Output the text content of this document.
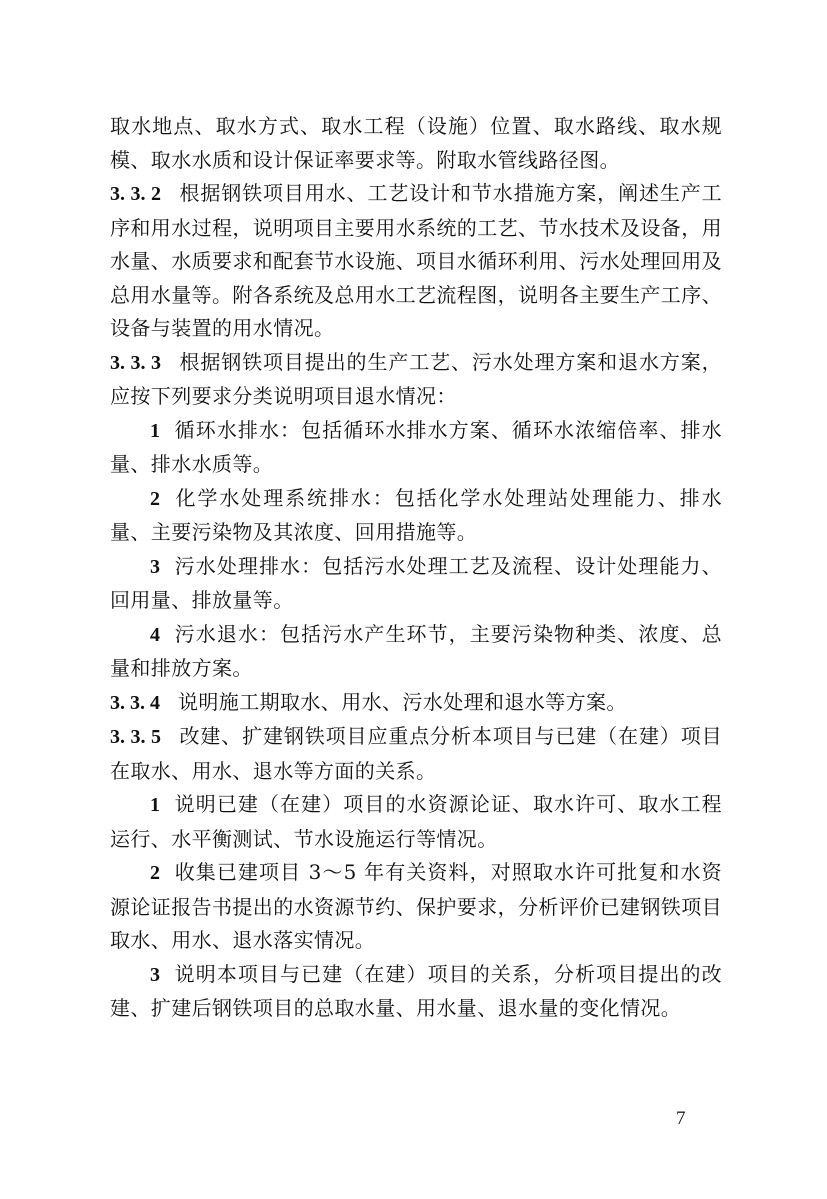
取水地点、取水方式、取水工程（设施）位置、取水路线、取水规模、取水水质和设计保证率要求等。附取水管线路径图。

3. 3. 2 根据钢铁项目用水、工艺设计和节水措施方案，阐述生产工序和用水过程，说明项目主要用水系统的工艺、节水技术及设备，用水量、水质要求和配套节水设施、项目水循环利用、污水处理回用及总用水量等。附各系统及总用水工艺流程图，说明各主要生产工序、设备与装置的用水情况。

3. 3. 3 根据钢铁项目提出的生产工艺、污水处理方案和退水方案，应按下列要求分类说明项目退水情况：

1 循环水排水：包括循环水排水方案、循环水浓缩倍率、排水量、排水水质等。

2 化学水处理系统排水：包括化学水处理站处理能力、排水量、主要污染物及其浓度、回用措施等。

3 污水处理排水：包括污水处理工艺及流程、设计处理能力、回用量、排放量等。

4 污水退水：包括污水产生环节，主要污染物种类、浓度、总量和排放方案。

3. 3. 4 说明施工期取水、用水、污水处理和退水等方案。

3. 3. 5 改建、扩建钢铁项目应重点分析本项目与已建（在建）项目在取水、用水、退水等方面的关系。

1 说明已建（在建）项目的水资源论证、取水许可、取水工程运行、水平衡测试、节水设施运行等情况。

2 收集已建项目 3～5 年有关资料，对照取水许可批复和水资源论证报告书提出的水资源节约、保护要求，分析评价已建钢铁项目取水、用水、退水落实情况。

3 说明本项目与已建（在建）项目的关系，分析项目提出的改建、扩建后钢铁项目的总取水量、用水量、退水量的变化情况。

7
